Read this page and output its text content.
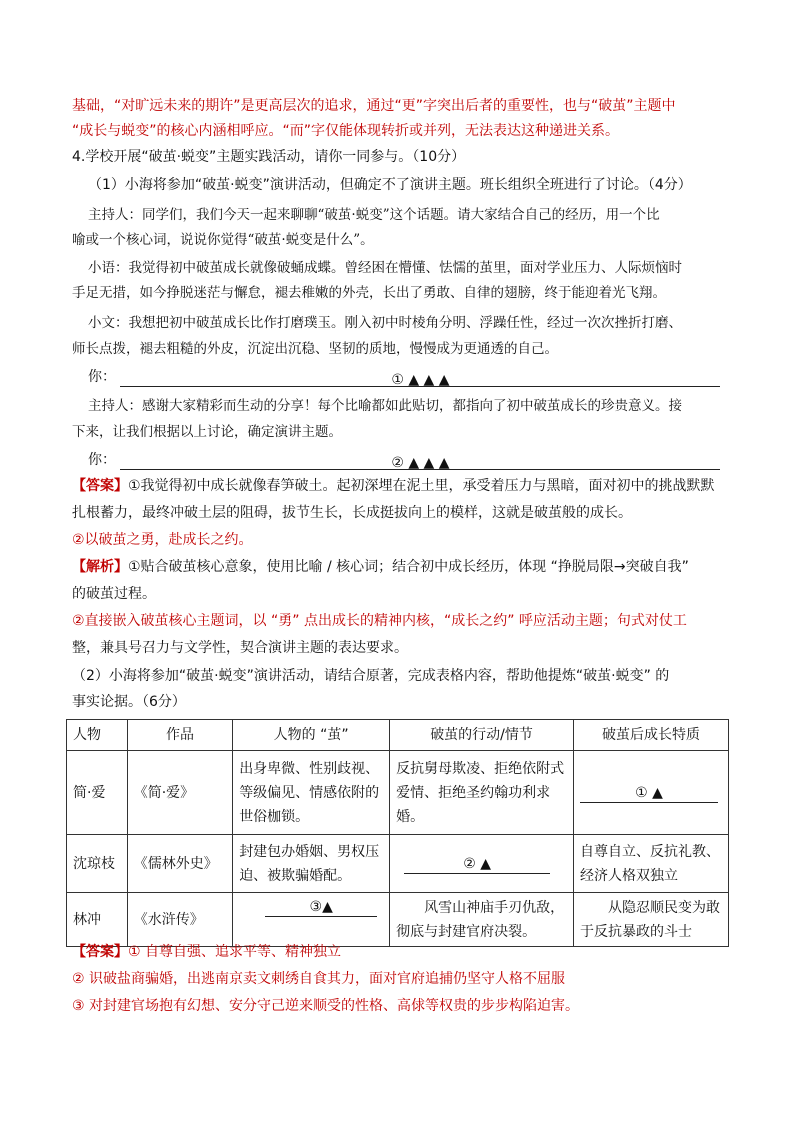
基础，“对旷远未来的期许”是更高层次的追求，通过“更”字突出后者的重要性，也与“破茧”主题中
“成长与蜕变”的核心内涵相呼应。“而”字仅能体现转折或并列，无法表达这种递进关系。
4.学校开展“破茧·蜕变”主题实践活动，请你一同参与。（10分）
（1）小海将参加“破茧·蜕变”演讲活动，但确定不了演讲主题。班长组织全班进行了讨论。（4分）
主持人：同学们，我们今天一起来聊聊“破茧·蜕变”这个话题。请大家结合自己的经历，用一个比
喻或一个核心词，说说你觉得“破茧·蜕变是什么”。
小语：我觉得初中破茧成长就像破蛹成蝶。曾经困在懵懂、怯懦的茧里，面对学业压力、人际烦恼时
手足无措，如今挣脱迷茫与懈怠，褪去稚嫩的外壳，长出了勇敢、自律的翅膀，终于能迎着光飞翔。
小文：我想把初中破茧成长比作打磨璞玉。刚入初中时棱角分明、浮躁任性，经过一次次挫折打磨、
师长点拨，褪去粗糙的外皮，沉淀出沉稳、坚韧的质地，慢慢成为更通透的自己。
你：	① ▲ ▲ ▲
主持人：感谢大家精彩而生动的分享！每个比喻都如此贴切，都指向了初中破茧成长的珍贵意义。接
下来，让我们根据以上讨论，确定演讲主题。
你：	② ▲ ▲ ▲
【答案】①我觉得初中成长就像春笋破土。起初深埋在泥土里，承受着压力与黑暗，面对初中的挑战默默
扎根蓄力，最终冲破土层的阻碍，拔节生长，长成挺拔向上的模样，这就是破茧般的成长。
②以破茧之勇，赴成长之约。
【解析】①贴合破茧核心意象，使用比喻 / 核心词；结合初中成长经历，体现 “挣脱局限→突破自我”
的破茧过程。
②直接嵌入破茧核心主题词，以 “勇” 点出成长的精神内核，“成长之约” 呼应活动主题；句式对仗工
整，兼具号召力与文学性，契合演讲主题的表达要求。
（2）小海将参加“破茧·蜕变”演讲活动，请结合原著，完成表格内容，帮助他提炼“破茧·蜕变” 的
事实论据。（6分）
人物	作品	人物的 “茧”	破茧的行动/情节	破茧后成长特质
简·爱	《简·爱》	出身卑微、性别歧视、等级偏见、情感依附的世俗枷锁。	反抗舅母欺凌、拒绝依附式爱情、拒绝圣约翰功利求婚。	① ▲
沈琼枝	《儒林外史》	封建包办婚姻、男权压迫、被欺骗婚配。	② ▲	自尊自立、反抗礼教、经济人格双独立
林冲	《水浒传》	③▲	风雪山神庙手刃仇敌，彻底与封建官府决裂。	从隐忍顺民变为敢于反抗暴政的斗士
【答案】① 自尊自强、追求平等、精神独立
② 识破盐商骗婚，出逃南京卖文刺绣自食其力，面对官府追捕仍坚守人格不屈服
③ 对封建官场抱有幻想、安分守己逆来顺受的性格、高俅等权贵的步步构陷迫害。
